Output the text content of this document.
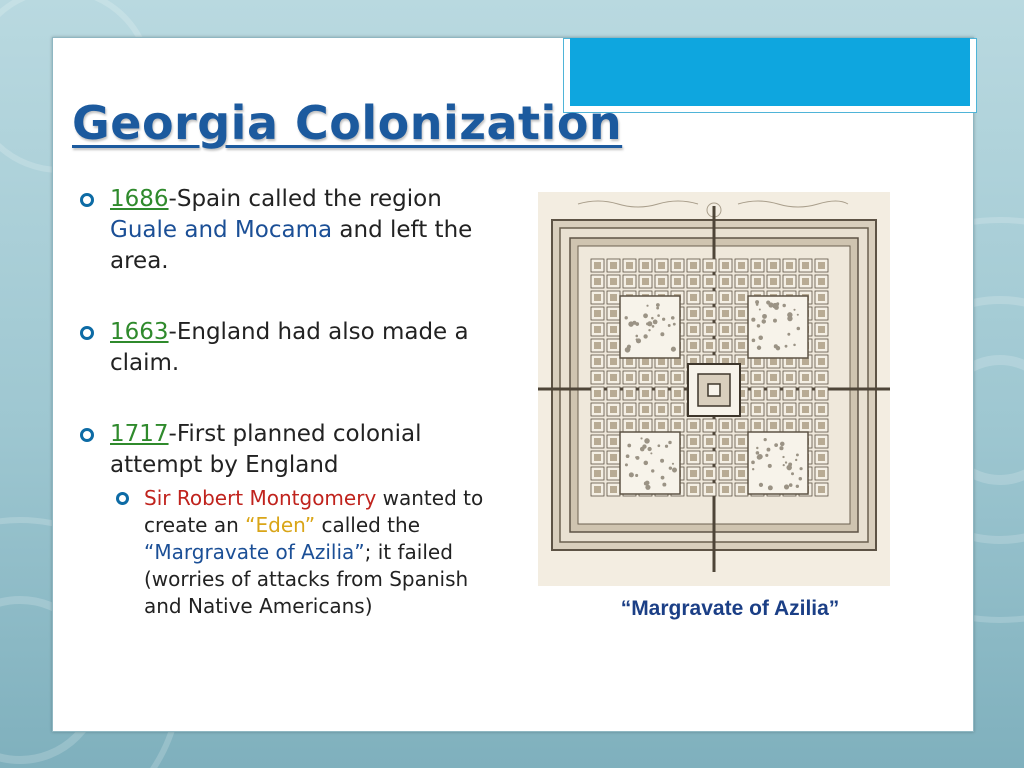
Georgia Colonization
1686-Spain called the region Guale and Mocama and left the area.
1663-England had also made a claim.
1717-First planned colonial attempt by England
Sir Robert Montgomery wanted to create an “Eden” called the “Margravate of Azilia”; it failed (worries of attacks from Spanish and Native Americans)	“Margravate of Azilia”
